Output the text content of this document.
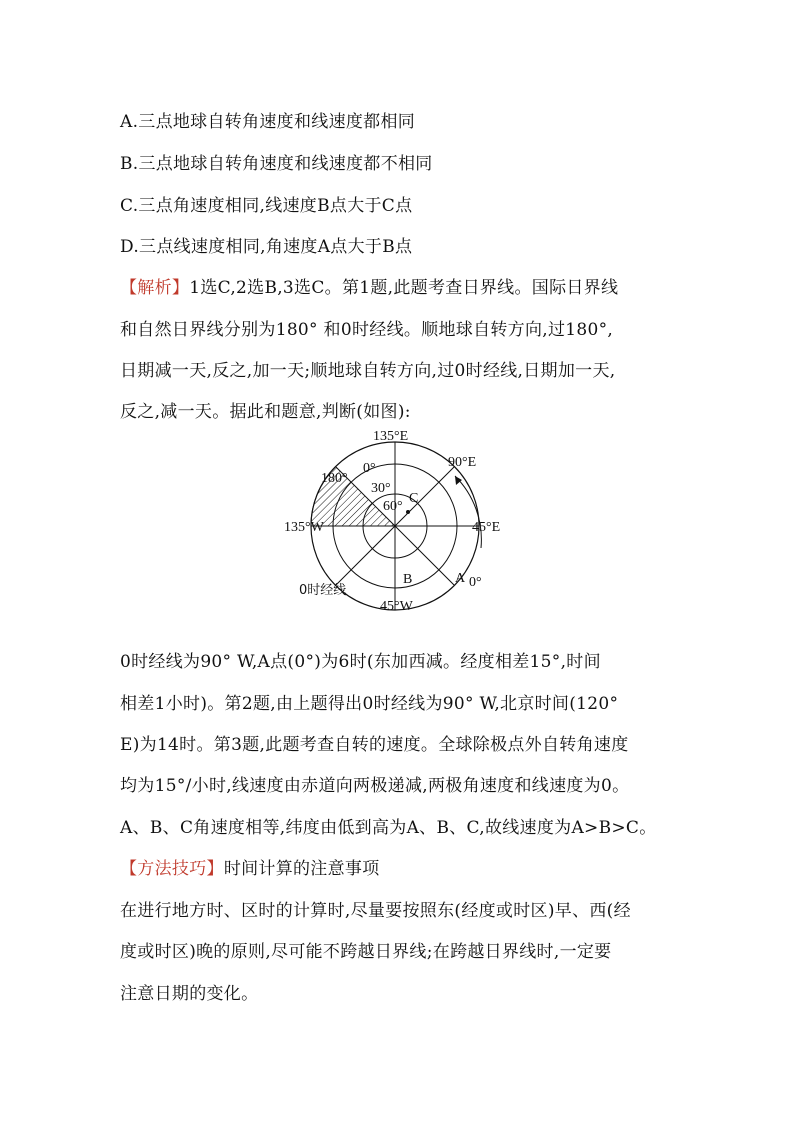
A.三点地球自转角速度和线速度都相同
B.三点地球自转角速度和线速度都不相同
C.三点角速度相同,线速度B点大于C点
D.三点线速度相同,角速度A点大于B点
【解析】1选C,2选B,3选C。第1题,此题考查日界线。国际日界线
和自然日界线分别为180° 和0时经线。顺地球自转方向,过180°,
日期减一天,反之,加一天;顺地球自转方向,过0时经线,日期加一天,
反之,减一天。据此和题意,判断(如图):
135°E
90°E
45°E
45°W
135°W
180°
0°
30°
60°
C
B	A 0°
0时经线
0时经线为90° W,A点(0°)为6时(东加西减。经度相差15°,时间
相差1小时)。第2题,由上题得出0时经线为90° W,北京时间(120°
E)为14时。第3题,此题考查自转的速度。全球除极点外自转角速度
均为15°/小时,线速度由赤道向两极递减,两极角速度和线速度为0。
A、B、C角速度相等,纬度由低到高为A、B、C,故线速度为A>B>C。
【方法技巧】时间计算的注意事项
在进行地方时、区时的计算时,尽量要按照东(经度或时区)早、西(经
度或时区)晚的原则,尽可能不跨越日界线;在跨越日界线时,一定要
注意日期的变化。
